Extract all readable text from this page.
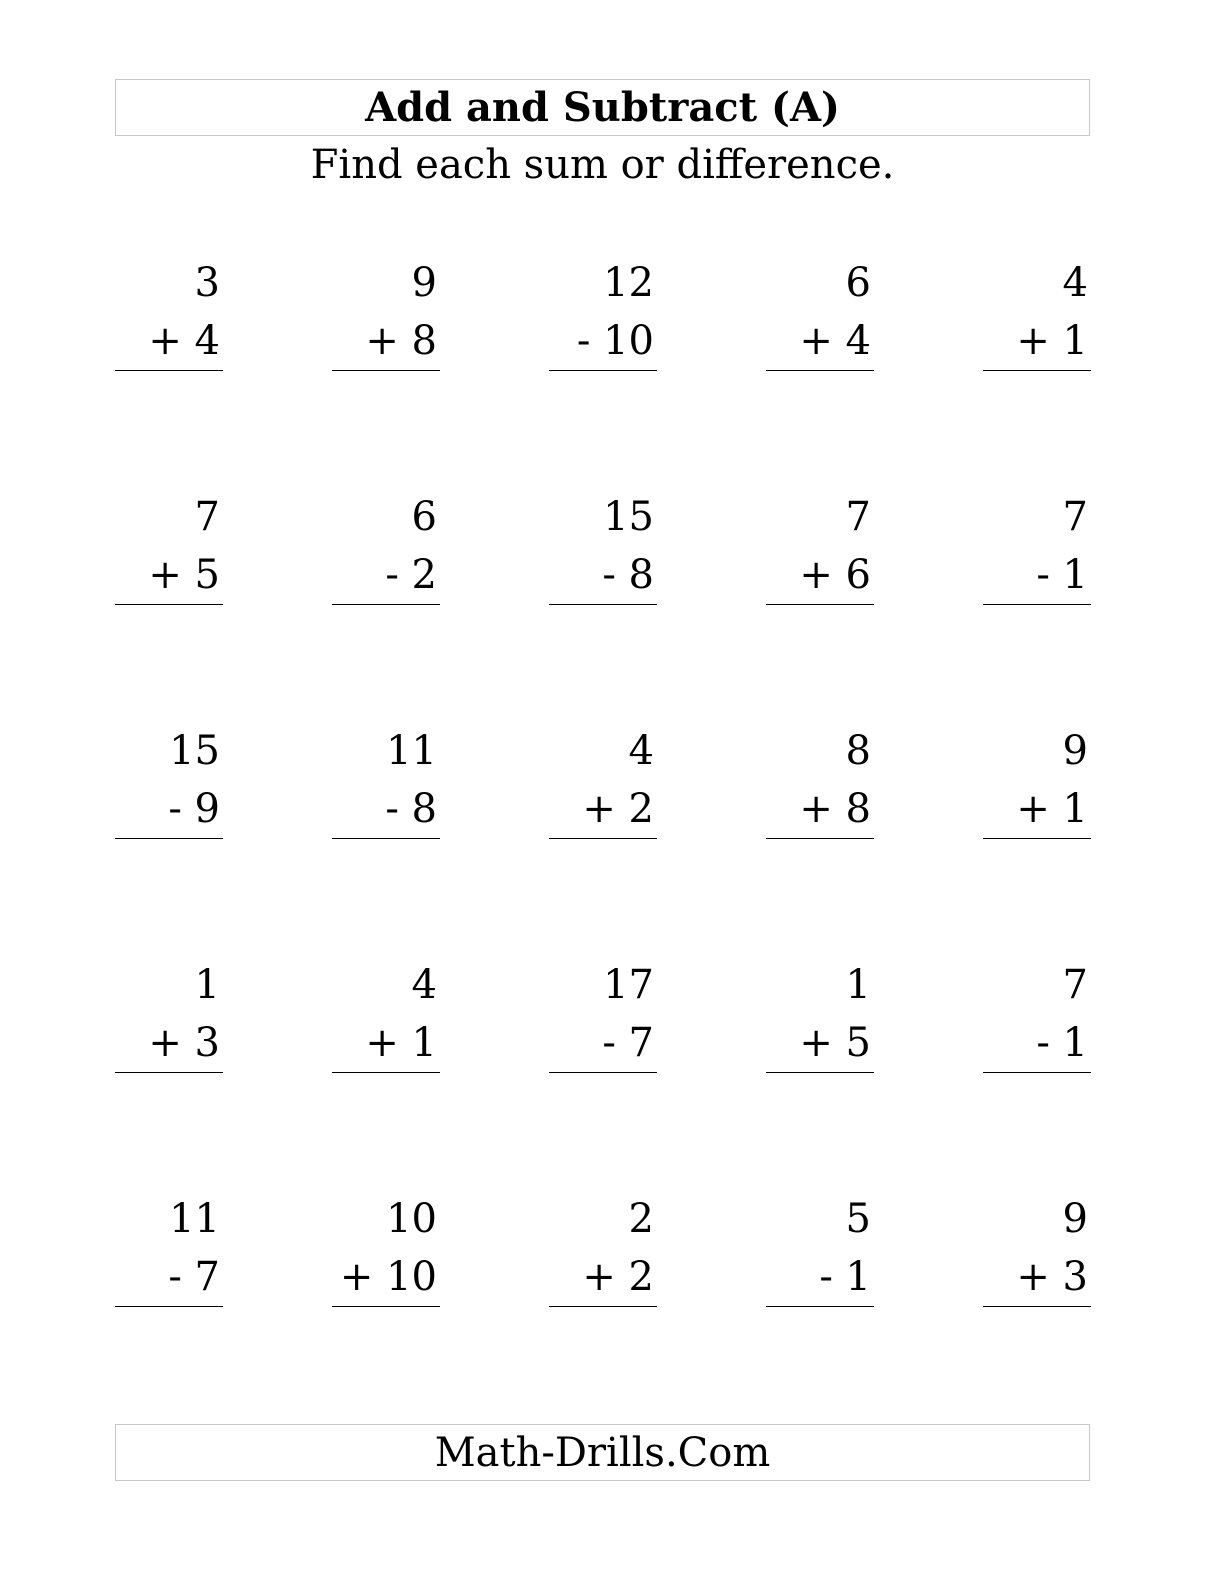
Add and Subtract (A)
Find each sum or difference.
3
+ 4
9
+ 8
12
- 10
6
+ 4
4
+ 1
7
+ 5
6
- 2
15
- 8
7
+ 6
7
- 1
15
- 9
11
- 8
4
+ 2
8
+ 8
9
+ 1
1
+ 3
4
+ 1
17
- 7
1
+ 5
7
- 1
11
- 7
10
+ 10
2
+ 2
5
- 1
9
+ 3
Math-Drills.Com
